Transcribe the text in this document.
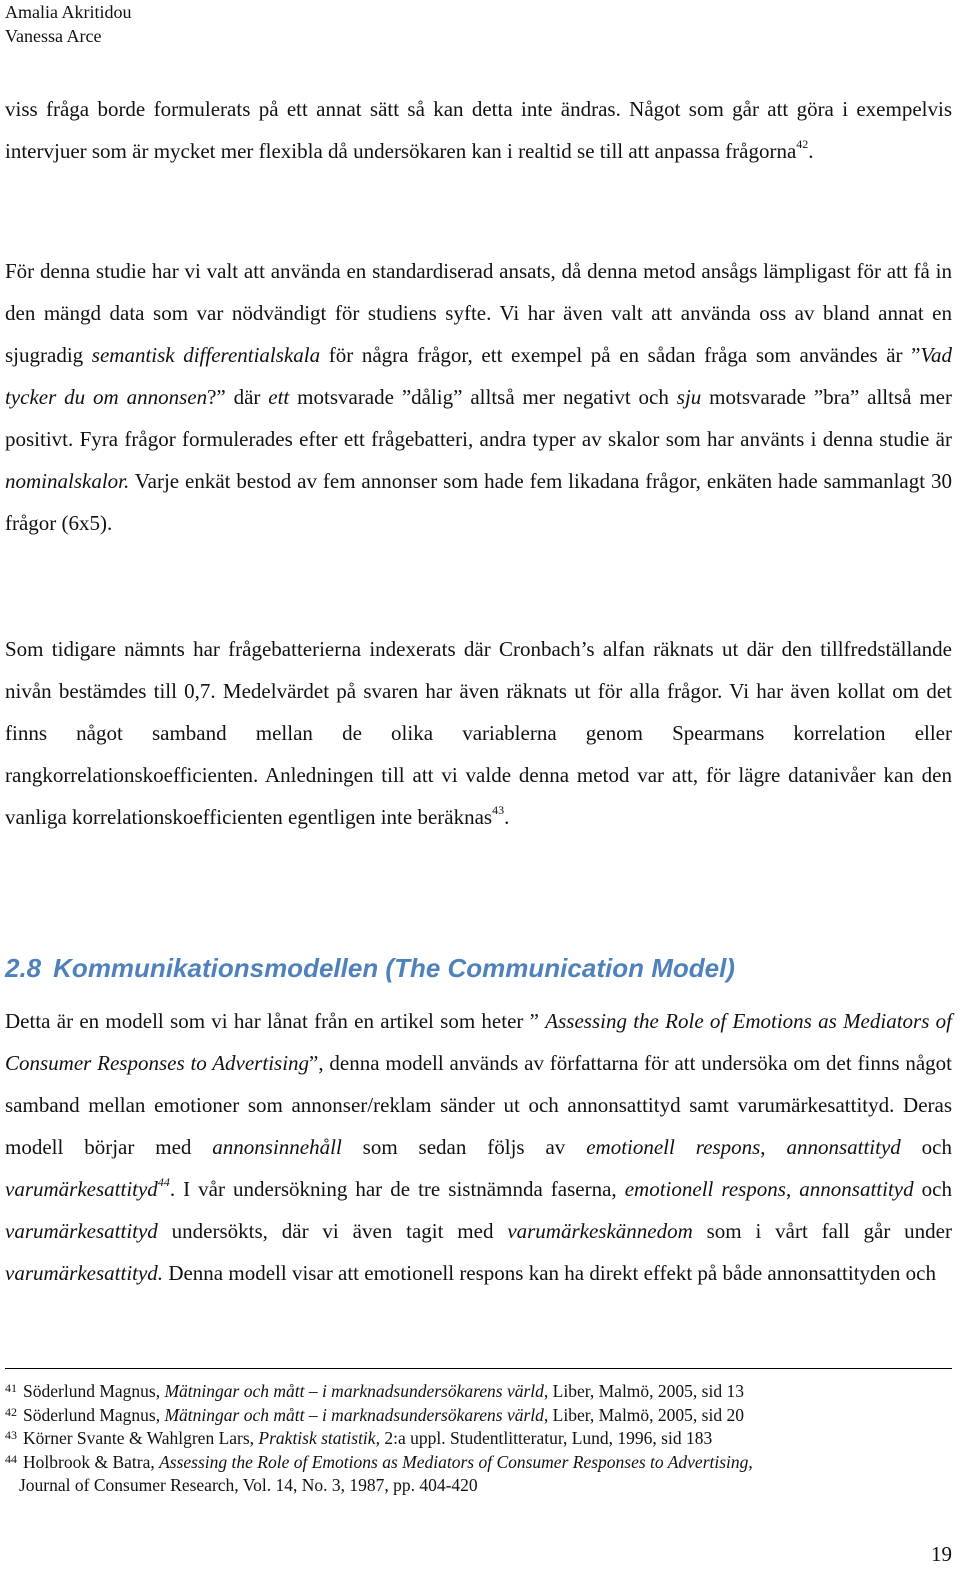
Amalia Akritidou
Vanessa Arce

viss fråga borde formulerats på ett annat sätt så kan detta inte ändras. Något som går att göra i exempelvis intervjuer som är mycket mer flexibla då undersökaren kan i realtid se till att anpassa frågorna$^{42}$.

För denna studie har vi valt att använda en standardiserad ansats, då denna metod ansågs lämpligast för att få in den mängd data som var nödvändigt för studiens syfte. Vi har även valt att använda oss av bland annat en sjugradig semantisk differentialskala för några frågor, ett exempel på en sådan fråga som användes är ”Vad tycker du om annonsen?” där ett motsvarade ”dålig” alltså mer negativt och sju motsvarade ”bra” alltså mer positivt. Fyra frågor formulerades efter ett frågebatteri, andra typer av skalor som har använts i denna studie är nominalskalor. Varje enkät bestod av fem annonser som hade fem likadana frågor, enkäten hade sammanlagt 30 frågor (6x5).

Som tidigare nämnts har frågebatterierna indexerats där Cronbach’s alfan räknats ut där den tillfredställande nivån bestämdes till 0,7. Medelvärdet på svaren har även räknats ut för alla frågor. Vi har även kollat om det finns något samband mellan de olika variablerna genom Spearmans korrelation eller rangkorrelationskoefficienten. Anledningen till att vi valde denna metod var att, för lägre datanivåer kan den vanliga korrelationskoefficienten egentligen inte beräknas$^{43}$.

2.8 Kommunikationsmodellen (The Communication Model)

Detta är en modell som vi har lånat från en artikel som heter ” Assessing the Role of Emotions as Mediators of Consumer Responses to Advertising”, denna modell används av författarna för att undersöka om det finns något samband mellan emotioner som annonser/reklam sänder ut och annonsattityd samt varumärkesattityd. Deras modell börjar med annonsinnehåll som sedan följs av emotionell respons, annonsattityd och varumärkesattityd$^{44}$. I vår undersökning har de tre sistnämnda faserna, emotionell respons, annonsattityd och varumärkesattityd undersökts, där vi även tagit med varumärkeskännedom som i vårt fall går under varumärkesattityd. Denna modell visar att emotionell respons kan ha direkt effekt på både annonsattityden och

$^{41}$ Söderlund Magnus, Mätningar och mått – i marknadsundersökarens värld, Liber, Malmö, 2005, sid 13

$^{42}$ Söderlund Magnus, Mätningar och mått – i marknadsundersökarens värld, Liber, Malmö, 2005, sid 20

$^{43}$ Körner Svante & Wahlgren Lars, Praktisk statistik, 2:a uppl. Studentlitteratur, Lund, 1996, sid 183

$^{44}$ Holbrook & Batra, Assessing the Role of Emotions as Mediators of Consumer Responses to Advertising,
Journal of Consumer Research, Vol. 14, No. 3, 1987, pp. 404-420

19
